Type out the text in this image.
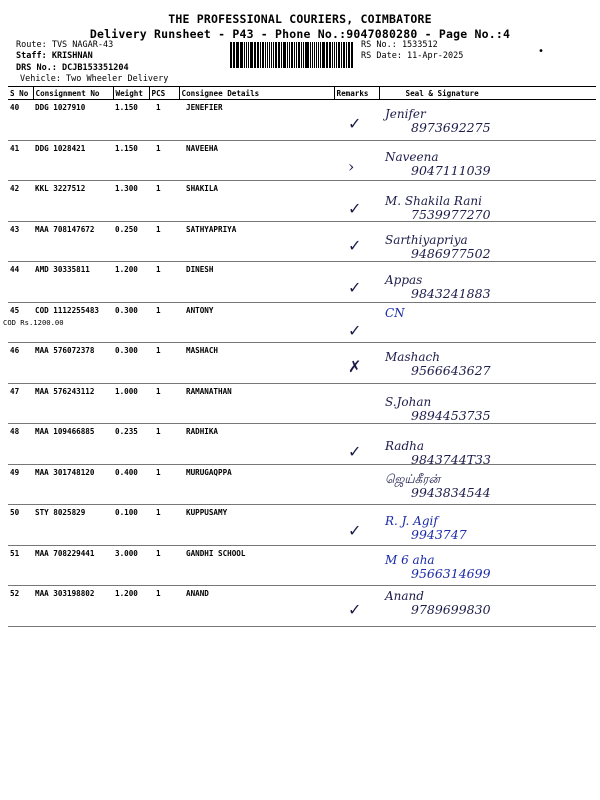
THE PROFESSIONAL COURIERS, COIMBATORE
Delivery Runsheet - P43 - Phone No.:9047080280 - Page No.:4
Route: TVS NAGAR-43
Staff: KRISHNAN
DRS No.: DCJB153351204
Vehicle: Two Wheeler Delivery
RS No.: 1533512
RS Date: 11-Apr-2025	•
S No	Consignment No	Weight	PCS	Consignee Details	Remarks	Seal & Signature
40	DDG 1027910	1.150	1	JENEFIER	✓	Jenifer
8973692275

41	DDG 1028421	1.150	1	NAVEEHA	›	Naveena
9047111039

42	KKL 3227512	1.300	1	SHAKILA	✓	M. Shakila Rani
7539977270

43	MAA 708147672	0.250	1	SATHYAPRIYA	✓	Sarthiyapriya
9486977502

44	AMD 30335811	1.200	1	DINESH	✓	Appas
9843241883

45	COD 1112255483
COD Rs.1200.00	0.300	1	ANTONY	✓	CN

46	MAA 576072378	0.300	1	MASHACH	✗	Mashach
9566643627

47	MAA 576243112	1.000	1	RAMANATHAN		S.Johan
9894453735

48	MAA 109466885	0.235	1	RADHIKA	✓	Radha
9843744T33

49	MAA 301748120	0.400	1	MURUGAQPPA		ஜெய்கீரன்
9943834544

50	STY 8025829	0.100	1	KUPPUSAMY	✓	R. J. Agif
9943747

51	MAA 708229441	3.000	1	GANDHI SCHOOL		M 6 aha
9566314699

52	MAA 303198802	1.200	1	ANAND	✓	Anand
9789699830
